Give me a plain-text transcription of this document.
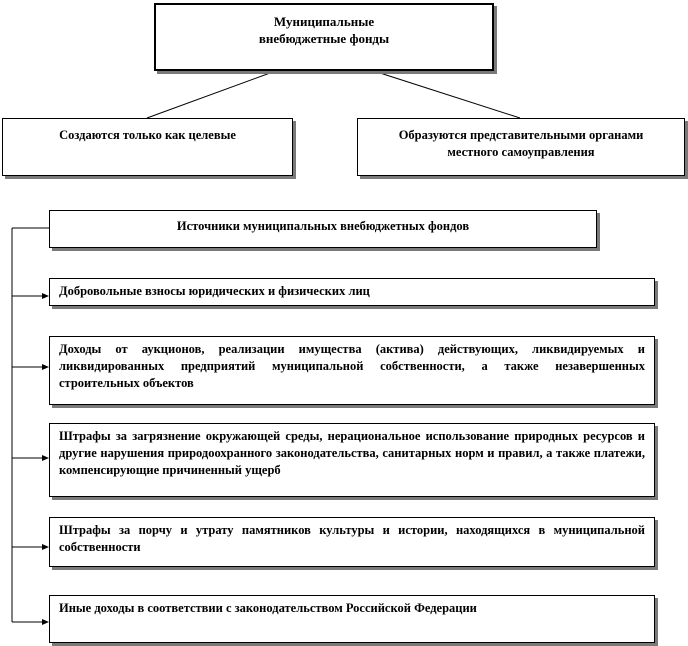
Муниципальные
внебюджетные фонды
Создаются только как целевые	Образуются представительными органами
местного самоуправления
Источники муниципальных внебюджетных фондов
Добровольные взносы юридических и физических лиц
Доходы от аукционов, реализации имущества (актива) действующих, ликвидируемых и ликвидированных предприятий муниципальной собственности, а также незавершенных строительных объектов
Штрафы за загрязнение окружающей среды, нерациональное использование природных ресурсов и другие нарушения природоохранного законодательства, санитарных норм и правил, а также платежи, компенсирующие причиненный ущерб
Штрафы за порчу и утрату памятников культуры и истории, находящихся в муниципальной собственности
Иные доходы в соответствии с законодательством Российской Федерации
